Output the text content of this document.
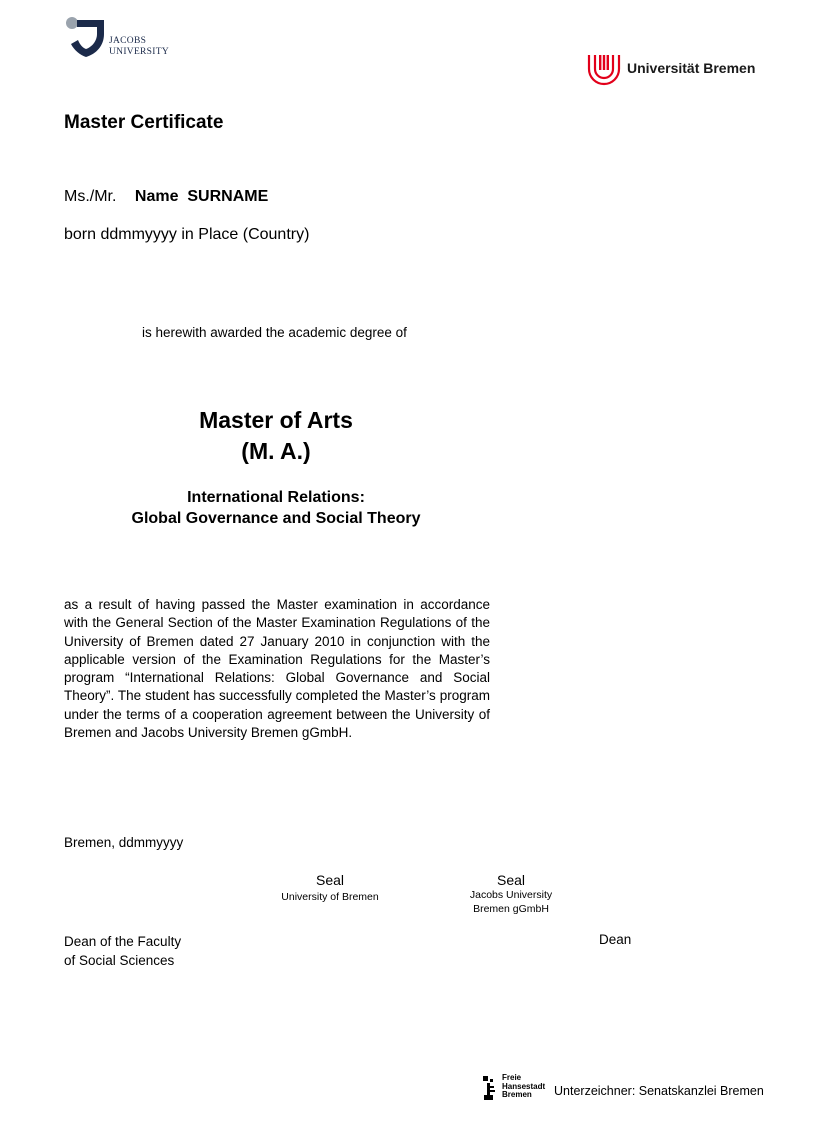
JACOBS
UNIVERSITY
Universität Bremen
Master Certificate
Ms./Mr. Name  SURNAME
born ddmmyyyy in Place (Country)
is herewith awarded the academic degree of
Master of Arts
(M. A.)
International Relations:
Global Governance and Social Theory
as a result of having passed the Master examination in accordance with the General Section of the Master Examination Regulations of the University of Bremen dated 27 January 2010 in conjunction with the applicable version of the Examination Regulations for the Master’s program “International Relations: Global Governance and Social Theory”. The student has successfully completed the Master’s program under the terms of a cooperation agreement between the University of Bremen and Jacobs University Bremen gGmbH.
Bremen, ddmmyyyy
Seal
University of Bremen
Seal
Jacobs University
Bremen gGmbH
Dean of the Faculty
of Social Sciences
Dean
Freie
Hansestadt
Bremen	Unterzeichner: Senatskanzlei Bremen
